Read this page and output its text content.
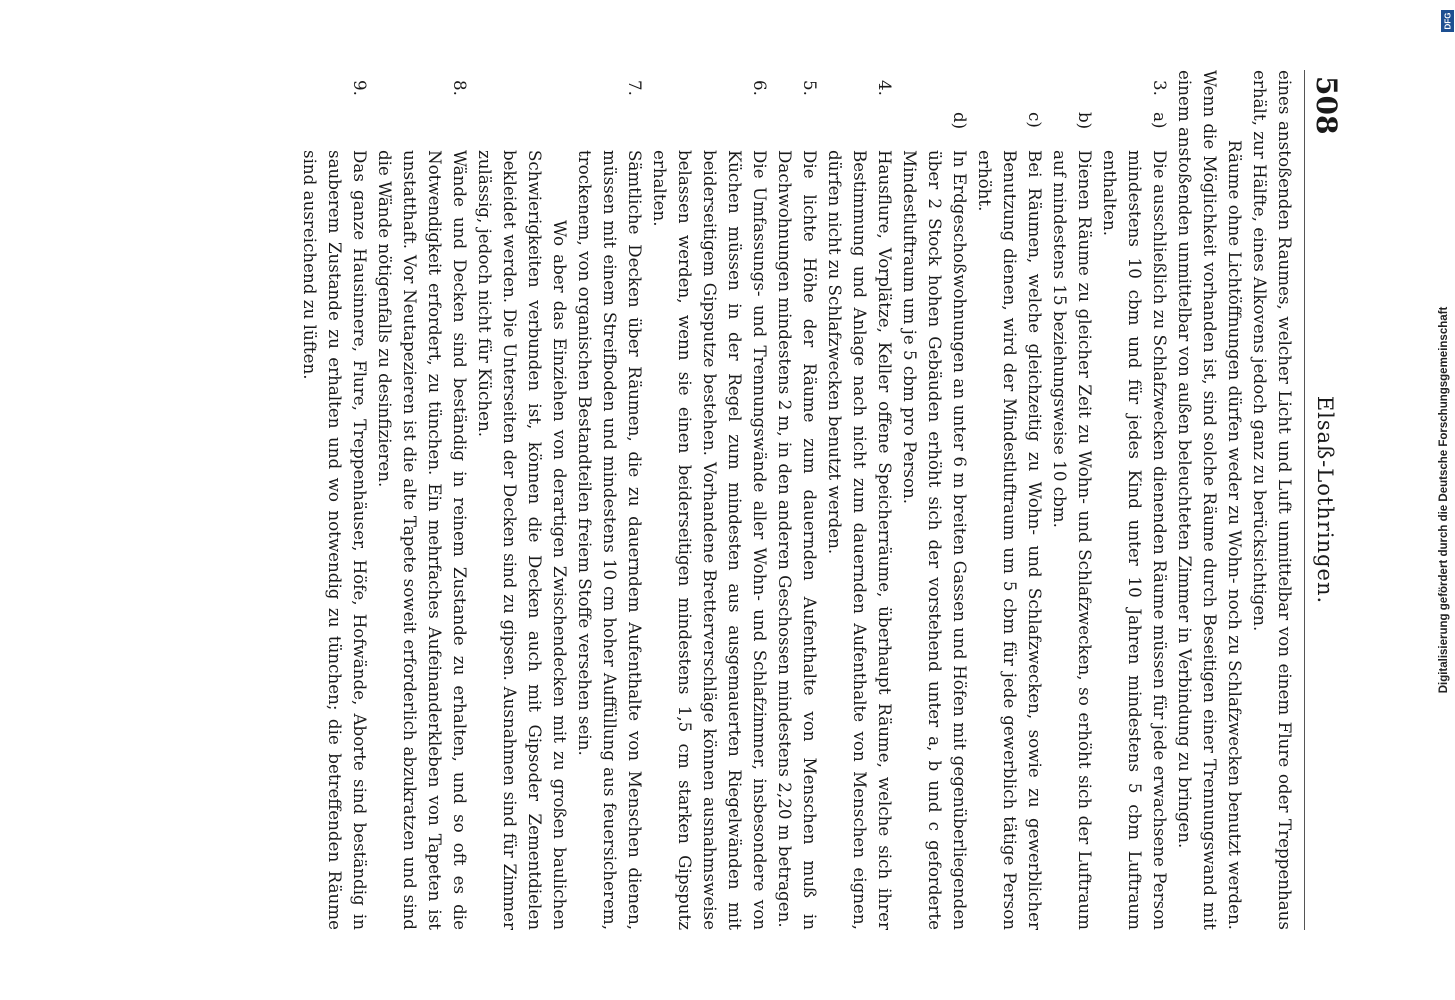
508
Elsaß-Lothringen.

eines anstoßenden Raumes, welcher Licht und Luft unmittelbar von einem Flure oder Treppenhaus erhält, zur Hälfte, eines Alkovens jedoch ganz zu berücksichtigen.

Räume ohne Lichtöffnungen dürfen weder zu Wohn- noch zu Schlafzwecken benutzt werden. Wenn die Möglichkeit vorhanden ist, sind solche Räume durch Beseitigen einer Trennungswand mit einem anstoßenden unmittelbar von außen beleuchteten Zimmer in Verbindung zu bringen.

3.
a)
Die ausschließlich zu Schlafzwecken dienenden Räume müssen für jede erwachsene Person mindestens 10 cbm und für jedes Kind unter 10 Jahren mindestens 5 cbm Luftraum enthalten.

b)
Dienen Räume zu gleicher Zeit zu Wohn- und Schlafzwecken, so erhöht sich der Luftraum auf mindestens 15 beziehungsweise 10 cbm.

c)
Bei Räumen, welche gleichzeitig zu Wohn- und Schlafzwecken, sowie zu gewerblicher Benutzung dienen, wird der Mindestluftraum um 5 cbm für jede gewerblich tätige Person erhöht.

d)
In Erdgeschoßwohnungen an unter 6 m breiten Gassen und Höfen mit gegenüberliegenden über 2 Stock hohen Gebäuden erhöht sich der vorstehend unter a, b und c geforderte Mindestluftraum um je 5 cbm pro Person.

4.
Hausflure, Vorplätze, Keller offene Speicherräume, überhaupt Räume, welche sich ihrer Bestimmung und Anlage nach nicht zum dauernden Aufenthalte von Menschen eignen, dürfen nicht zu Schlafzwecken benutzt werden.

5.
Die lichte Höhe der Räume zum dauernden Aufenthalte von Menschen muß in Dachwohnungen mindestens 2 m, in den anderen Geschossen mindestens 2,20 m betragen.

6.
Die Umfassungs- und Trennungswände aller Wohn- und Schlafzimmer, insbesondere von Küchen müssen in der Regel zum mindesten aus ausgemauerten Riegelwänden mit beiderseitigem Gipsputze bestehen. Vorhandene Bretterverschläge können ausnahmsweise belassen werden, wenn sie einen beiderseitigen mindestens 1,5 cm starken Gipsputz erhalten.

7.
Sämtliche Decken über Räumen, die zu dauerndem Aufenthalte von Menschen dienen, müssen mit einem Streifboden und mindestens 10 cm hoher Auffüllung aus feuersicherem, trockenem, von organischen Bestandteilen freiem Stoffe versehen sein.

Wo aber das Einziehen von derartigen Zwischendecken mit zu großen baulichen Schwierigkeiten verbunden ist, können die Decken auch mit Gipsoder Zementdielen bekleidet werden. Die Unterseiten der Decken sind zu gipsen. Ausnahmen sind für Zimmer zulässig, jedoch nicht für Küchen.

8.
Wände und Decken sind beständig in reinem Zustande zu erhalten, und so oft es die Notwendigkeit erfordert, zu tünchen. Ein mehrfaches Aufeinanderkleben von Tapeten ist unstatthaft. Vor Neutapezieren ist die alte Tapete soweit erforderlich abzukratzen und sind die Wände nötigenfalls zu desinfizieren.

9.
Das ganze Hausinnere, Flure, Treppenhäuser, Höfe, Hofwände, Aborte sind beständig in sauberem Zustande zu erhalten und wo notwendig zu tünchen; die betreffenden Räume sind ausreichend zu lüften.

Digitalisierung gefördert durch die Deutsche Forschungsgemeinschaft
DFG
